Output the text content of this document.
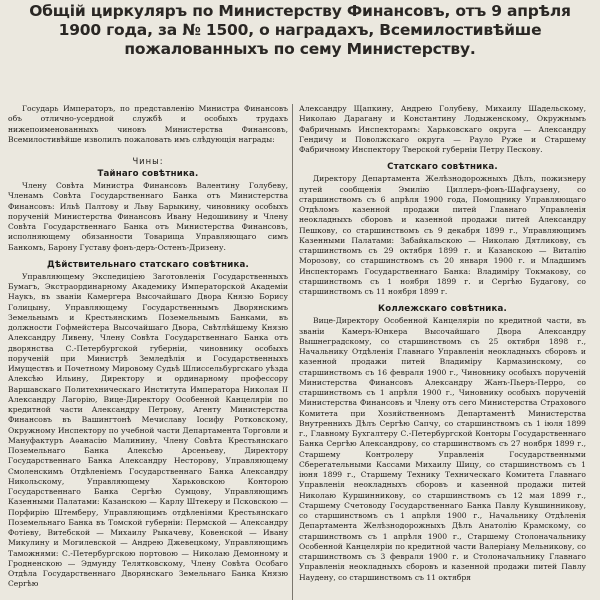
Общій циркуляръ по Министерству Финансовъ, отъ 9 апрѣля 1900 года, за № 1500, о наградахъ, Всемилостивѣйше пожалованныхъ по сему Министерству.

Государь Императоръ, по представленію Министра Финансовъ объ отлично-усердной службѣ и особыхъ трудахъ нижепоименованныхъ чиновъ Министерства Финансовъ, Всемилостивѣйше изволилъ пожаловать имъ слѣдующія награды:

Чины:

Тайнаго совѣтника.

Члену Совѣта Министра Финансовъ Валентину Голубеву, Членамъ Совѣта Государственнаго Банка отъ Министерства Финансовъ: Ильѣ Палтову и Льву Барыкину, чиновнику особыхъ порученій Министерства Финансовъ Ивану Недошивину и Члену Совѣта Государственнаго Банка отъ Министерства Финансовъ, исполняющему обязанности Товарища Управляющаго симъ Банкомъ, Барону Густаву фонъ-деръ-Остенъ-Дризену.

Дѣйствительнаго статскаго совѣтника.

Управляющему Экспедиціею Заготовленія Государственныхъ Бумагъ, Экстраординарному Академику Императорской Академіи Наукъ, въ званіи Камергера Высочайшаго Двора Князю Борису Голицыну, Управляющему Государственнымъ Дворянскимъ Земельнымъ и Крестьянскимъ Поземельнымъ Банками, въ должности Гофмейстера Высочайшаго Двора, Свѣтлѣйшему Князю Александру Ливену, Члену Совѣта Государственнаго Банка отъ дворянства С.-Петербургской губерніи, чиновнику особыхъ порученій при Министрѣ Земледѣлія и Государственныхъ Имуществъ и Почетному Мировому Судьѣ Шлиссельбургскаго уѣзда Алексѣю Ильину, Директору и ординарному профессору Варшавскаго Политехническаго Института Императора Николая II Александру Лагорію, Вице-Директору Особенной Канцеляріи по кредитной части Александру Петрову, Агенту Министерства Финансовъ въ Вашингтонѣ Мечиславу Іосифу Ротковскому, Окружному Инспектору по учебной части Департамента Торговли и Мануфактуръ Аѳанасію Малинину, Члену Совѣта Крестьянскаго Поземельнаго Банка Алексѣю Арсеньеву, Директору Государственнаго Банка Александру Несторову, Управляющему Смоленскимъ Отдѣленіемъ Государственнаго Банка Александру Никольскому, Управляющему Харьковскою Конторою Государственнаго Банка Сергѣю Сумцову, Управляющимъ Казенными Палатами: Казанскою — Карлу Штекеру и Псковскою — Порфирію Штемберу, Управляющимъ отдѣленіями Крестьянскаго Поземельнаго Банка въ Томской губерніи: Пермской — Александру Фотіеву, Витебской — Михаилу Рыкачеву, Ковенской — Ивану Микулину и Могилевской — Андрею Джевецкому, Управляющимъ Таможнями: С.-Петербургскою портовою — Николаю Демонному и Гродненскою — Эдмунду Телятковскому, Члену Совѣта Особаго Отдѣла Государственнаго Дворянскаго Земельнаго Банка Князю Сергѣю

Александру Щапкину, Андрею Голубеву, Михаилу Шадельскому, Николаю Дарагану и Константину Лодыженскому, Окружнымъ Фабричнымъ Инспекторамъ: Харьковскаго округа — Александру Гендичу и Поволжскаго округа — Рауло Руже и Старшему Фабричному Инспектору Тверской губерніи Петру Пескову.

Статскаго совѣтника.

Директору Департамента Желѣзнодорожныхъ Дѣлъ, пожизнеру путей сообщенія Эмилію Циллеръ-фонъ-Шафгаузену, со старшинствомъ съ 6 апрѣля 1900 года, Помощнику Управляющаго Отдѣломъ казенной продажи питей Главнаго Управленія неокладныхъ сборовъ и казенной продажи питей Александру Пешкову, со старшинствомъ съ 9 декабря 1899 г., Управляющимъ Казенными Палатами: Забайкальскою — Николаю Дятликову, съ старшинствомъ съ 29 октября 1899 г. и Казанскою — Виталію Морозову, со старшинствомъ съ 20 января 1900 г. и Младшимъ Инспекторамъ Государственнаго Банка: Владиміру Токмакову, со старшинствомъ съ 1 ноября 1899 г. и Сергѣю Будагову, со старшинствомъ съ 11 ноября 1899 г.

Коллежскаго совѣтника.

Вице-Директору Особенной Канцеляріи по кредитной части, въ званіи Камеръ-Юнкера Высочайшаго Двора Александру Вышнеградскому, со старшинствомъ съ 25 октября 1898 г., Начальнику Отдѣленія Главнаго Управленія неокладныхъ сборовъ и казенной продажи питей Владиміру Кармазинскому, со старшинствомъ съ 16 февраля 1900 г., Чиновнику особыхъ порученій Министерства Финансовъ Александру Жанъ-Пьеръ-Перро, со старшинствомъ съ 1 апрѣля 1900 г., Чиновнику особыхъ порученій Министерства Финансовъ и Члену отъ сего Министерства Страхового Комитета при Хозяйственномъ Департаментѣ Министерства Внутреннихъ Дѣлъ Сергѣю Сапчу, со старшинствомъ съ 1 іюля 1899 г., Главному Бухгалтеру С.-Петербургской Конторы Государственнаго Банка Сергѣю Александрову, со старшинствомъ съ 27 ноября 1899 г., Старшему Контролеру Управленія Государственными Сберегательными Кассами Михаилу Шицу, со старшинствомъ съ 1 іюня 1899 г., Старшему Технику Техническаго Комитета Главнаго Управленія неокладныхъ сборовъ и казенной продажи питей Николаю Куршинникову, со старшинствомъ съ 12 мая 1899 г., Старшему Счетоводу Государственнаго Банка Павлу Кувшинникову, со старшинствомъ съ 1 апрѣля 1900 г., Начальнику Отдѣленія Департамента Желѣзнодорожныхъ Дѣлъ Анатолію Крамскому, со старшинствомъ съ 1 апрѣля 1900 г., Старшему Столоначальнику Особенной Канцеляріи по кредитной части Валеріану Мельникову, со старшинствомъ съ 3 февраля 1900 г. и Столоначальнику Главнаго Управленія неокладныхъ сборовъ и казенной продажи питей Павлу Наудену, со старшинствомъ съ 11 октября
